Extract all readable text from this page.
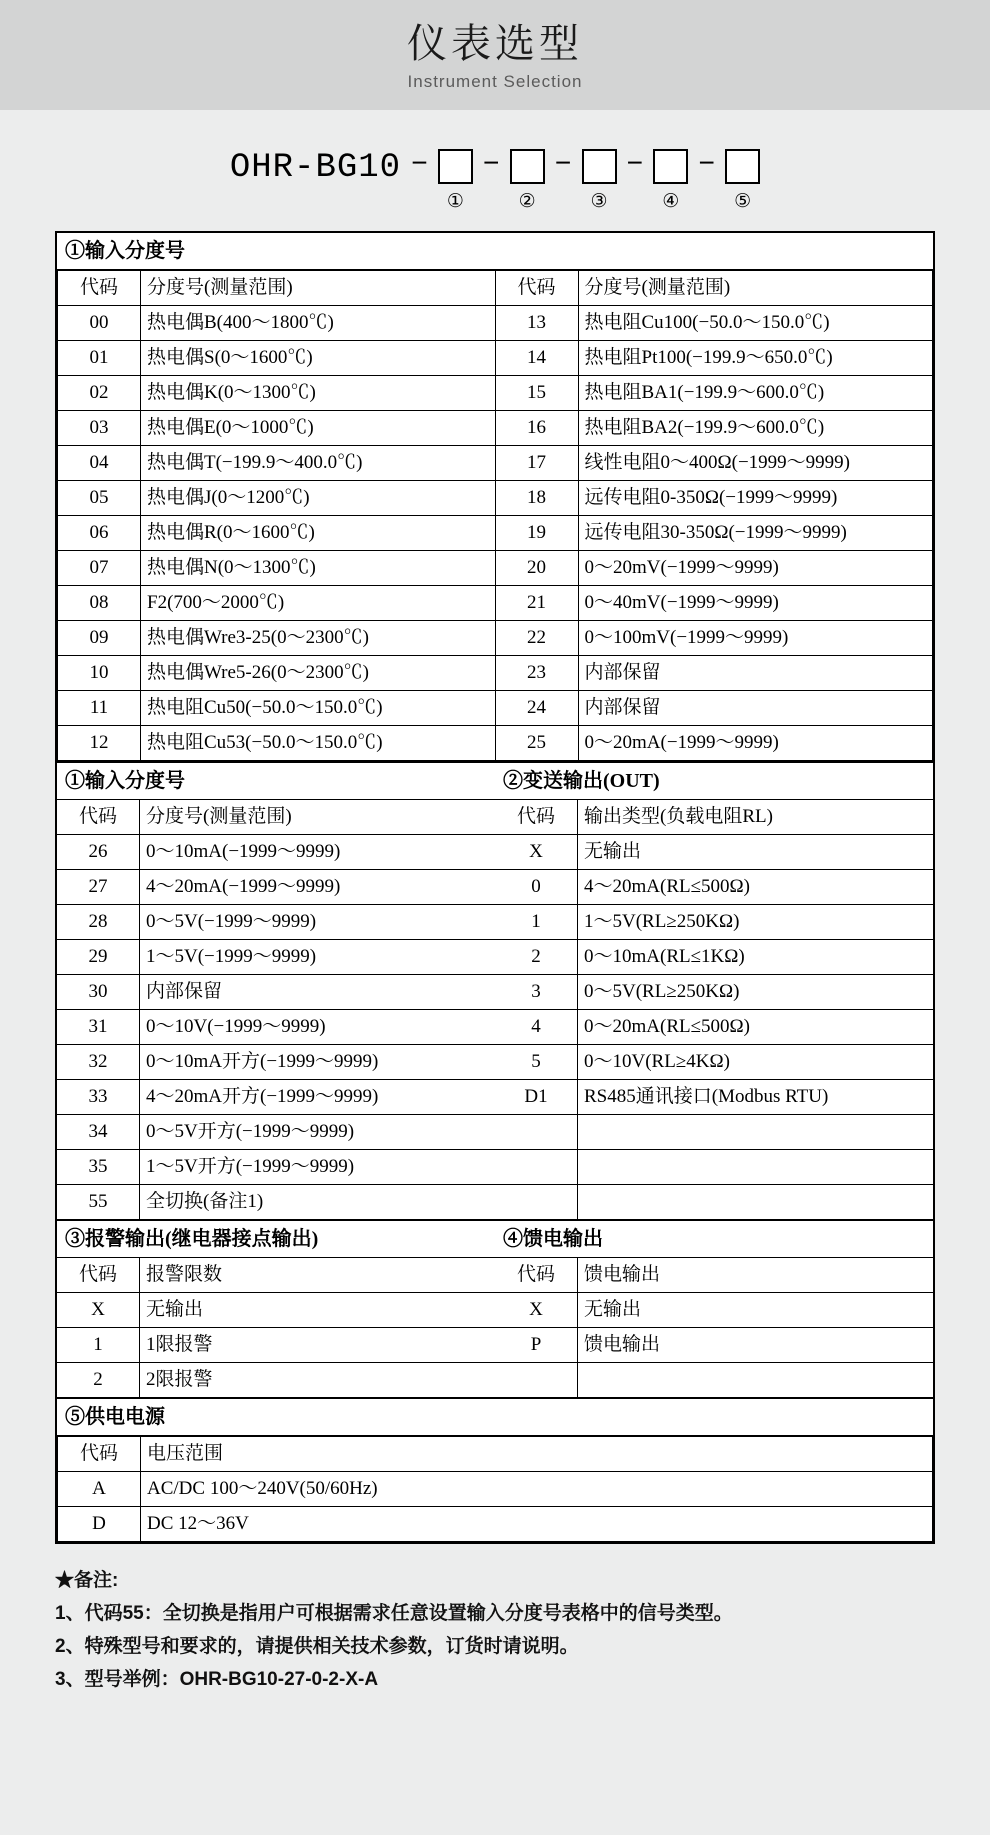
仪表选型
Instrument Selection
OHR-BG10 −
①
−
②
−
③
−
④
−
⑤
①输入分度号
代码	分度号(测量范围)	代码	分度号(测量范围)
00	热电偶B(400〜1800℃)	13	热电阻Cu100(−50.0〜150.0℃)
01	热电偶S(0〜1600℃)	14	热电阻Pt100(−199.9〜650.0℃)
02	热电偶K(0〜1300℃)	15	热电阻BA1(−199.9〜600.0℃)
03	热电偶E(0〜1000℃)	16	热电阻BA2(−199.9〜600.0℃)
04	热电偶T(−199.9〜400.0℃)	17	线性电阻0〜400Ω(−1999〜9999)
05	热电偶J(0〜1200℃)	18	远传电阻0-350Ω(−1999〜9999)
06	热电偶R(0〜1600℃)	19	远传电阻30-350Ω(−1999〜9999)
07	热电偶N(0〜1300℃)	20	0〜20mV(−1999〜9999)
08	F2(700〜2000℃)	21	0〜40mV(−1999〜9999)
09	热电偶Wre3-25(0〜2300℃)	22	0〜100mV(−1999〜9999)
10	热电偶Wre5-26(0〜2300℃)	23	内部保留
11	热电阻Cu50(−50.0〜150.0℃)	24	内部保留
12	热电阻Cu53(−50.0〜150.0℃)	25	0〜20mA(−1999〜9999)
①输入分度号
代码	分度号(测量范围)
26	0〜10mA(−1999〜9999)
27	4〜20mA(−1999〜9999)
28	0〜5V(−1999〜9999)
29	1〜5V(−1999〜9999)
30	内部保留
31	0〜10V(−1999〜9999)
32	0〜10mA开方(−1999〜9999)
33	4〜20mA开方(−1999〜9999)
34	0〜5V开方(−1999〜9999)
35	1〜5V开方(−1999〜9999)
55	全切换(备注1)

②变送输出(OUT)
代码	输出类型(负载电阻RL)
X	无输出
0	4〜20mA(RL≤500Ω)
1	1〜5V(RL≥250KΩ)
2	0〜10mA(RL≤1KΩ)
3	0〜5V(RL≥250KΩ)
4	0〜20mA(RL≤500Ω)
5	0〜10V(RL≥4KΩ)
D1	RS485通讯接口(Modbus RTU)

③报警输出(继电器接点输出)
代码	报警限数
X	无输出
1	1限报警
2	2限报警

④馈电输出
代码	馈电输出
X	无输出
P	馈电输出

⑤供电电源
代码	电压范围
A	AC/DC 100〜240V(50/60Hz)
D	DC 12〜36V
★备注:
1、代码55：全切换是指用户可根据需求任意设置输入分度号表格中的信号类型。
2、特殊型号和要求的，请提供相关技术参数，订货时请说明。
3、型号举例：OHR-BG10-27-0-2-X-A
